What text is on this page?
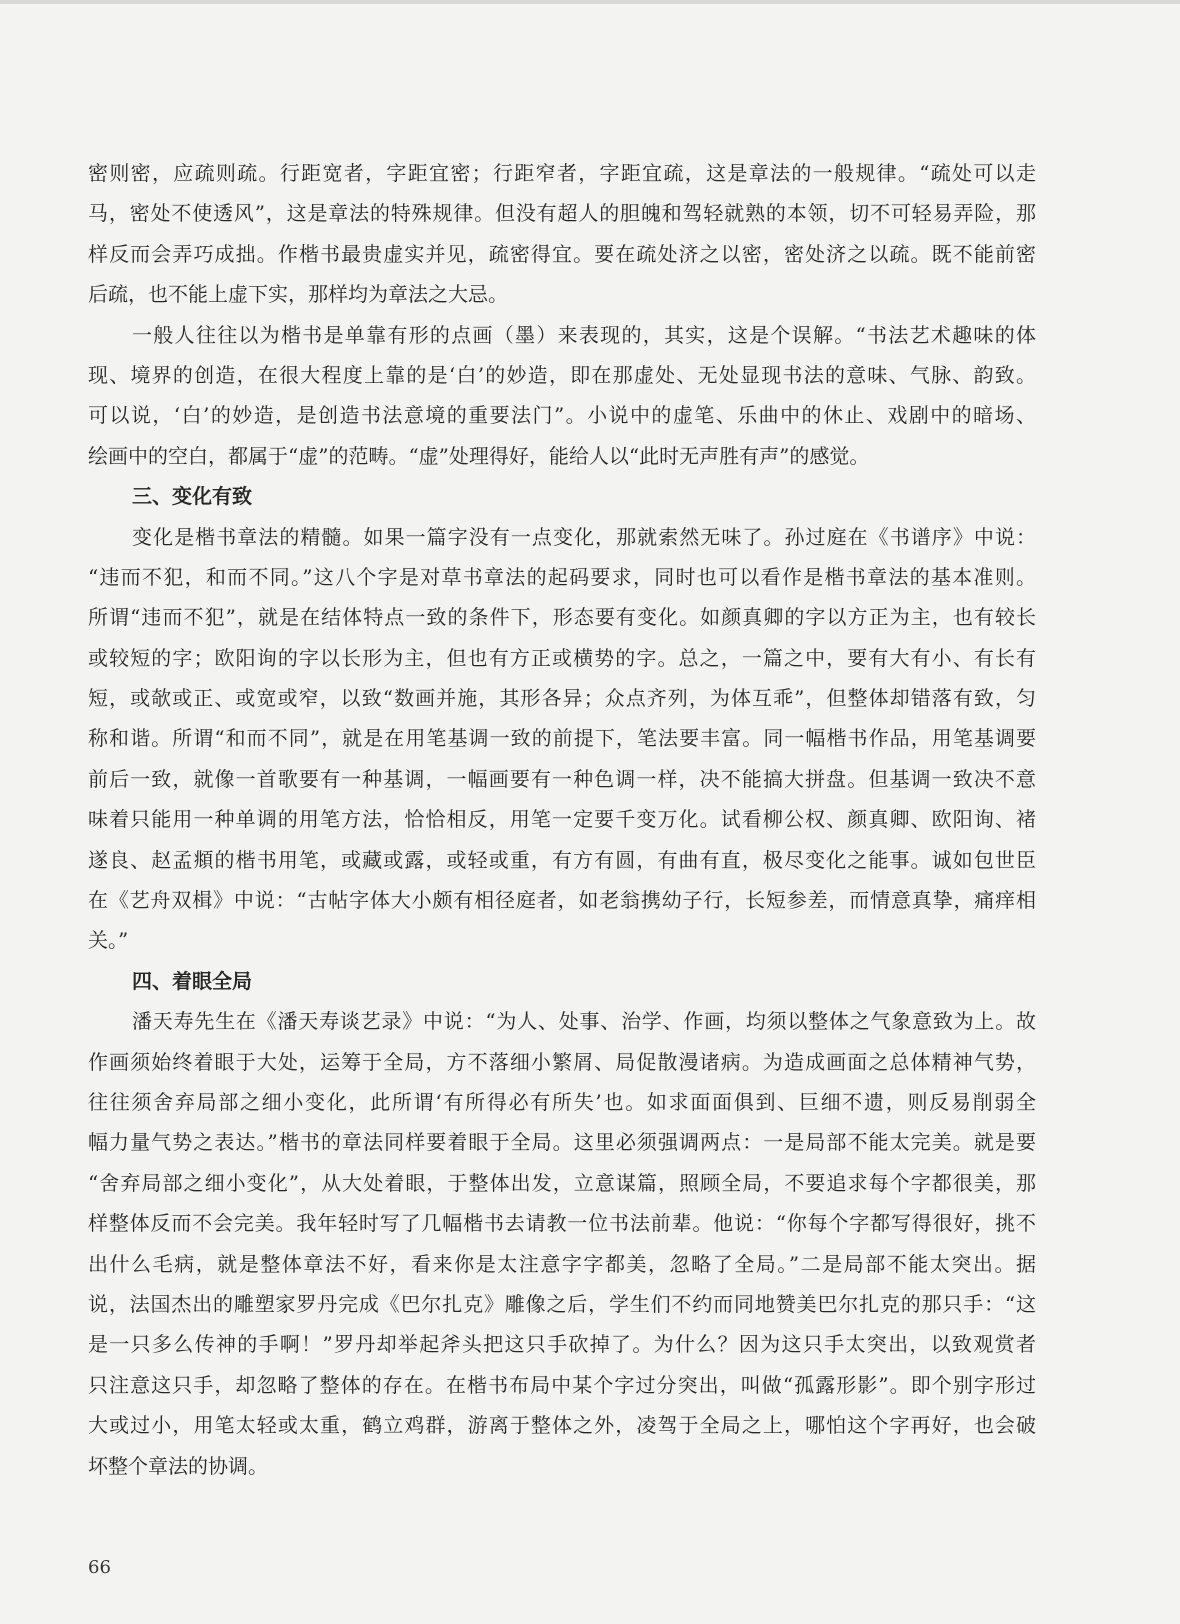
密则密，应疏则疏。行距宽者，字距宜密；行距窄者，字距宜疏，这是章法的一般规律。“疏处可以走
马，密处不使透风”，这是章法的特殊规律。但没有超人的胆魄和驾轻就熟的本领，切不可轻易弄险，那
样反而会弄巧成拙。作楷书最贵虚实并见，疏密得宜。要在疏处济之以密，密处济之以疏。既不能前密
后疏，也不能上虚下实，那样均为章法之大忌。
一般人往往以为楷书是单靠有形的点画（墨）来表现的，其实，这是个误解。“书法艺术趣味的体
现、境界的创造，在很大程度上靠的是‘白’的妙造，即在那虚处、无处显现书法的意味、气脉、韵致。
可以说，‘白’的妙造，是创造书法意境的重要法门”。小说中的虚笔、乐曲中的休止、戏剧中的暗场、
绘画中的空白，都属于“虚”的范畴。“虚”处理得好，能给人以“此时无声胜有声”的感觉。
三、变化有致
变化是楷书章法的精髓。如果一篇字没有一点变化，那就索然无味了。孙过庭在《书谱序》中说：
“违而不犯，和而不同。”这八个字是对草书章法的起码要求，同时也可以看作是楷书章法的基本准则。
所谓“违而不犯”，就是在结体特点一致的条件下，形态要有变化。如颜真卿的字以方正为主，也有较长
或较短的字；欧阳询的字以长形为主，但也有方正或横势的字。总之，一篇之中，要有大有小、有长有
短，或欹或正、或宽或窄，以致“数画并施，其形各异；众点齐列，为体互乖”，但整体却错落有致，匀
称和谐。所谓“和而不同”，就是在用笔基调一致的前提下，笔法要丰富。同一幅楷书作品，用笔基调要
前后一致，就像一首歌要有一种基调，一幅画要有一种色调一样，决不能搞大拼盘。但基调一致决不意
味着只能用一种单调的用笔方法，恰恰相反，用笔一定要千变万化。试看柳公权、颜真卿、欧阳询、褚
遂良、赵孟頫的楷书用笔，或藏或露，或轻或重，有方有圆，有曲有直，极尽变化之能事。诚如包世臣
在《艺舟双楫》中说：“古帖字体大小颇有相径庭者，如老翁携幼子行，长短参差，而情意真挚，痛痒相
关。”
四、着眼全局
潘天寿先生在《潘天寿谈艺录》中说：“为人、处事、治学、作画，均须以整体之气象意致为上。故
作画须始终着眼于大处，运筹于全局，方不落细小繁屑、局促散漫诸病。为造成画面之总体精神气势，
往往须舍弃局部之细小变化，此所谓‘有所得必有所失’也。如求面面俱到、巨细不遗，则反易削弱全
幅力量气势之表达。”楷书的章法同样要着眼于全局。这里必须强调两点：一是局部不能太完美。就是要
“舍弃局部之细小变化”，从大处着眼，于整体出发，立意谋篇，照顾全局，不要追求每个字都很美，那
样整体反而不会完美。我年轻时写了几幅楷书去请教一位书法前辈。他说：“你每个字都写得很好，挑不
出什么毛病，就是整体章法不好，看来你是太注意字字都美，忽略了全局。”二是局部不能太突出。据
说，法国杰出的雕塑家罗丹完成《巴尔扎克》雕像之后，学生们不约而同地赞美巴尔扎克的那只手：“这
是一只多么传神的手啊！”罗丹却举起斧头把这只手砍掉了。为什么？因为这只手太突出，以致观赏者
只注意这只手，却忽略了整体的存在。在楷书布局中某个字过分突出，叫做“孤露形影”。即个别字形过
大或过小，用笔太轻或太重，鹤立鸡群，游离于整体之外，凌驾于全局之上，哪怕这个字再好，也会破
坏整个章法的协调。
66
